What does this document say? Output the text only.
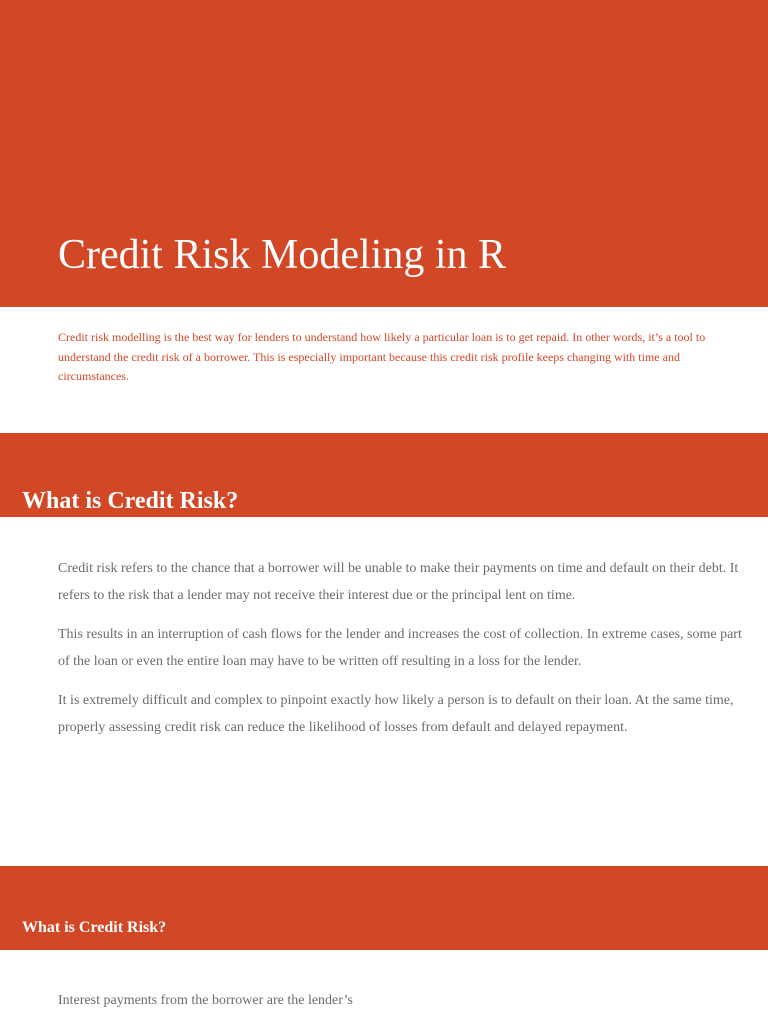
Credit Risk Modeling in R

Credit risk modelling is the best way for lenders to understand how likely a particular loan is to get repaid. In other words, it’s a tool to understand the credit risk of a borrower. This is especially important because this credit risk profile keeps changing with time and circumstances.

What is Credit Risk?

Credit risk refers to the chance that a borrower will be unable to make their payments on time and default on their debt. It refers to the risk that a lender may not receive their interest due or the principal lent on time.

This results in an interruption of cash flows for the lender and increases the cost of collection. In extreme cases, some part of the loan or even the entire loan may have to be written off resulting in a loss for the lender.

It is extremely difficult and complex to pinpoint exactly how likely a person is to default on their loan. At the same time, properly assessing credit risk can reduce the likelihood of losses from default and delayed repayment.

What is Credit Risk?

Interest payments from the borrower are the lender’s
